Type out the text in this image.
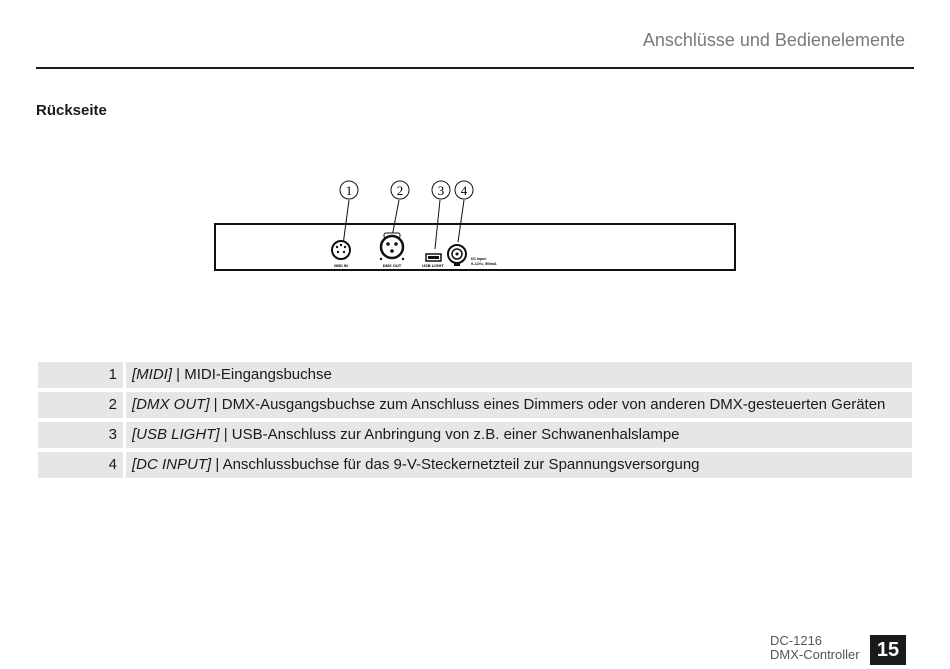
Anschlüsse und Bedienelemente
Rückseite
1	2	3 4
MIDI IN	DMX OUT	USB LIGHT
DC Input:
9–12V=, 500mA
1	[MIDI] | MIDI-Eingangsbuchse
2	[DMX OUT] | DMX-Ausgangsbuchse zum Anschluss eines Dimmers oder von anderen DMX-gesteuerten Geräten
3	[USB LIGHT] | USB-Anschluss zur Anbringung von z.B. einer Schwanenhalslampe
4	[DC INPUT] | Anschlussbuchse für das 9-V-Steckernetzteil zur Spannungsversorgung
DC-1216
DMX-Controller 15
